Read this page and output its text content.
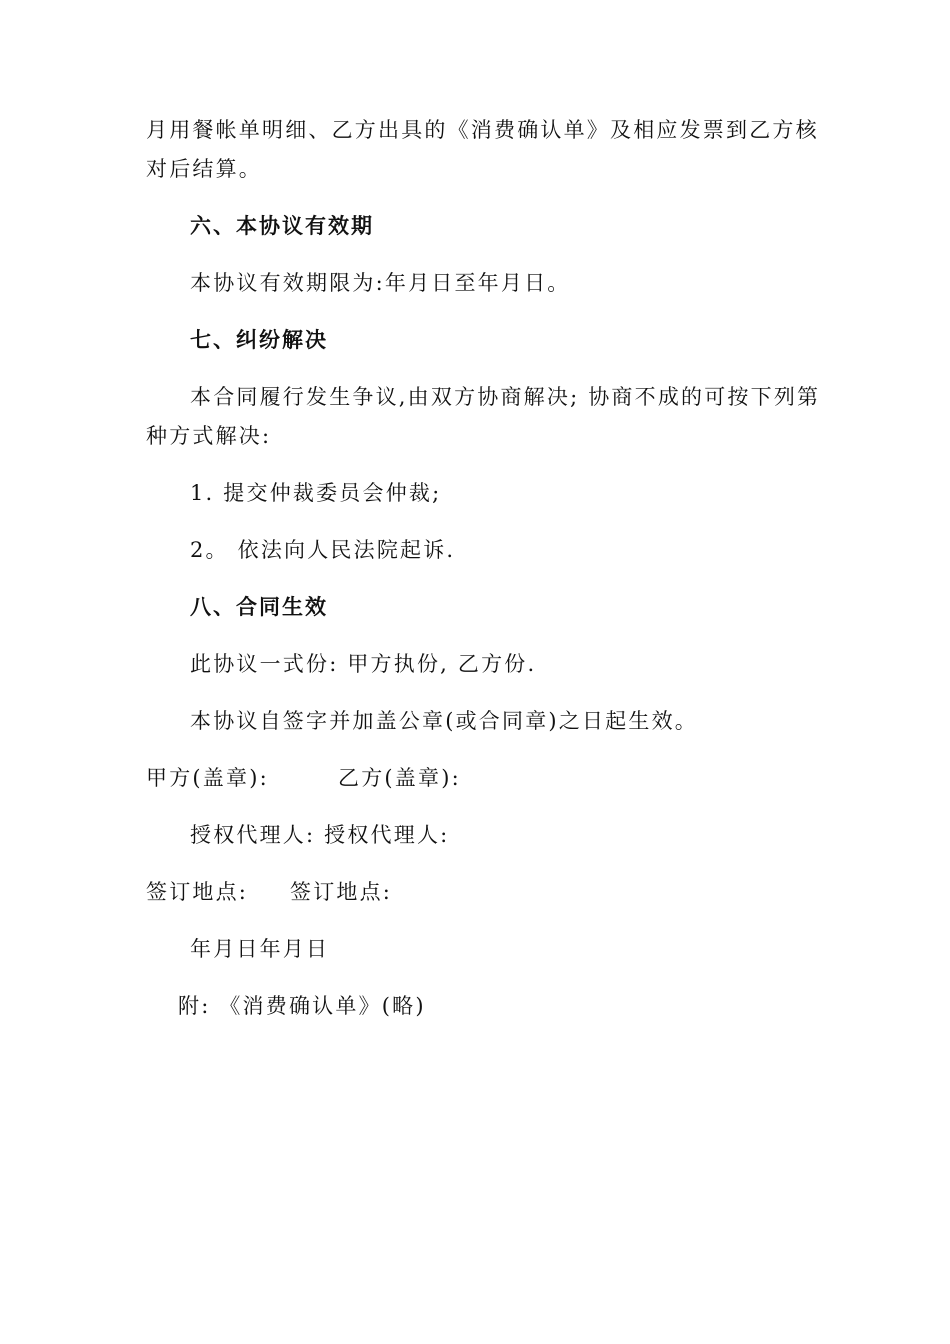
月用餐帐单明细、乙方出具的《消费确认单》及相应发票到乙方核
对后结算。
六、本协议有效期
本协议有效期限为:年月日至年月日。
七、纠纷解决
本合同履行发生争议,由双方协商解决; 协商不成的可按下列第
种方式解决:
1. 提交仲裁委员会仲裁;
2。 依法向人民法院起诉.
八、合同生效
此协议一式份: 甲方执份, 乙方份.
本协议自签字并加盖公章(或合同章)之日起生效。
甲方(盖章):	乙方(盖章):
授权代理人: 授权代理人:
签订地点: 签订地点:
年月日年月日
附: 《消费确认单》(略)
